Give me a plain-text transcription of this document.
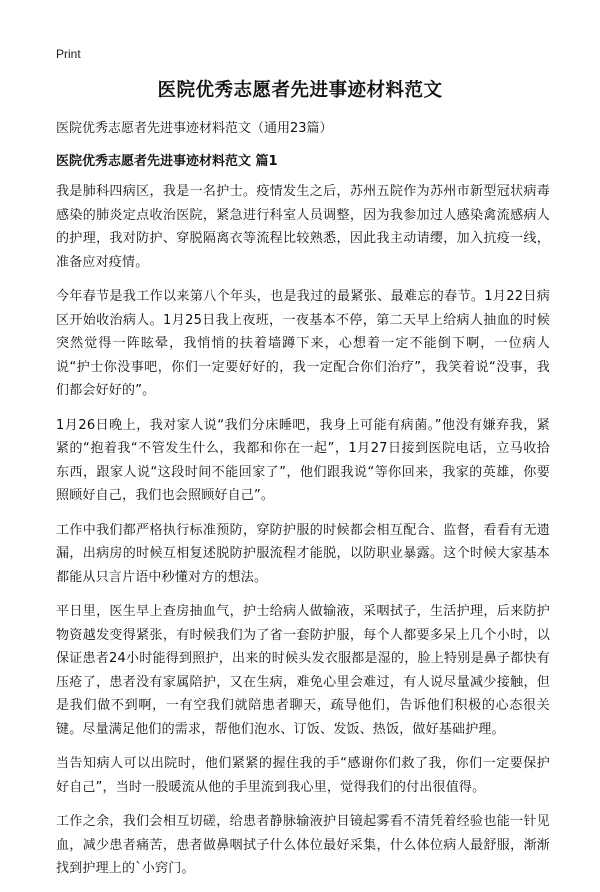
Print
医院优秀志愿者先进事迹材料范文

医院优秀志愿者先进事迹材料范文（通用23篇）

医院优秀志愿者先进事迹材料范文 篇1

我是肺科四病区，我是一名护士。疫情发生之后，苏州五院作为苏州市新型冠状病毒感染的肺炎定点收治医院，紧急进行科室人员调整，因为我参加过人感染禽流感病人的护理，我对防护、穿脱隔离衣等流程比较熟悉，因此我主动请缨，加入抗疫一线，准备应对疫情。

今年春节是我工作以来第八个年头，也是我过的最紧张、最难忘的春节。1月22日病区开始收治病人。1月25日我上夜班，一夜基本不停，第二天早上给病人抽血的时候突然觉得一阵眩晕，我悄悄的扶着墙蹲下来，心想着一定不能倒下啊，一位病人说“护士你没事吧，你们一定要好好的，我一定配合你们治疗”，我笑着说“没事，我们都会好好的”。

1月26日晚上，我对家人说“我们分床睡吧，我身上可能有病菌。”他没有嫌弃我，紧紧的“抱着我“不管发生什么，我都和你在一起”，1月27日接到医院电话，立马收拾东西，跟家人说“这段时间不能回家了”，他们跟我说“等你回来，我家的英雄，你要照顾好自己，我们也会照顾好自己”。

工作中我们都严格执行标准预防，穿防护服的时候都会相互配合、监督，看看有无遗漏，出病房的时候互相复述脱防护服流程才能脱，以防职业暴露。这个时候大家基本都能从只言片语中秒懂对方的想法。

平日里，医生早上查房抽血气，护士给病人做输液，采咽拭子，生活护理，后来防护物资越发变得紧张，有时候我们为了省一套防护服，每个人都要多呆上几个小时，以保证患者24小时能得到照护，出来的时候头发衣服都是湿的，脸上特别是鼻子都快有压疮了，患者没有家属陪护，又在生病，难免心里会难过，有人说尽量减少接触，但是我们做不到啊，一有空我们就陪患者聊天，疏导他们，告诉他们积极的心态很关键。尽量满足他们的需求，帮他们泡水、订饭、发饭、热饭，做好基础护理。

当告知病人可以出院时，他们紧紧的握住我的手“感谢你们救了我，你们一定要保护好自己”，当时一股暖流从他的手里流到我心里，觉得我们的付出很值得。

工作之余，我们会相互切磋，给患者静脉输液护目镜起雾看不清凭着经验也能一针见血，减少患者痛苦，患者做鼻咽拭子什么体位最好采集，什么体位病人最舒服，渐渐找到护理上的`小窍门。
